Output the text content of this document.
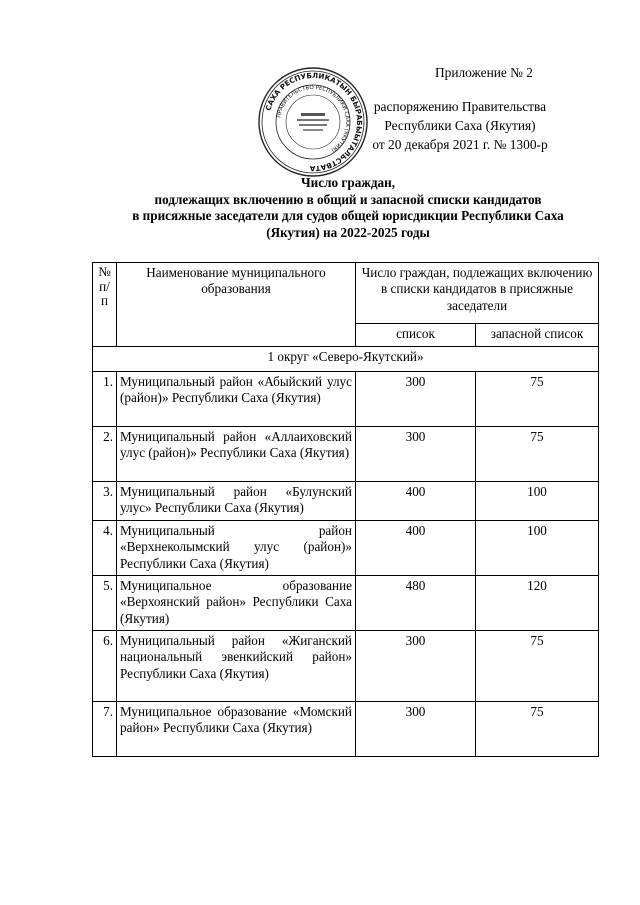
САХА РЕСПУБЛИКАТЫН БЫРАБЫЫТАЛЬСТВАТА
ПРАВИТЕЛЬСТВО РЕСПУБЛИКИ САХА (ЯКУТИЯ)
Приложение № 2
распоряжению Правительства
Республики Саха (Якутия)
от 20 декабря 2021 г. № 1300-р
Число граждан,
подлежащих включению в общий и запасной списки кандидатов
в присяжные заседатели для судов общей юрисдикции Республики Саха
(Якутия) на 2022-2025 годы
№ п/п	Наименование муниципального образования	Число граждан, подлежащих включению в списки кандидатов в присяжные заседатели	
		список	запасной список
1 округ «Северо-Якутский»			
1.	Муниципальный район «Абыйский улус (район)» Республики Саха (Якутия)	300	75
2.	Муниципальный район «Аллаиховский улус (район)» Республики Саха (Якутия)	300	75
3.	Муниципальный район «Булунский улус» Республики Саха (Якутия)	400	100
4.	Муниципальный район «Верхнеколымский улус (район)» Республики Саха (Якутия)	400	100
5.	Муниципальное образование «Верхоянский район» Республики Саха (Якутия)	480	120
6.	Муниципальный район «Жиганский национальный эвенкийский район» Республики Саха (Якутия)	300	75
7.	Муниципальное образование «Момский район» Республики Саха (Якутия)	300	75
